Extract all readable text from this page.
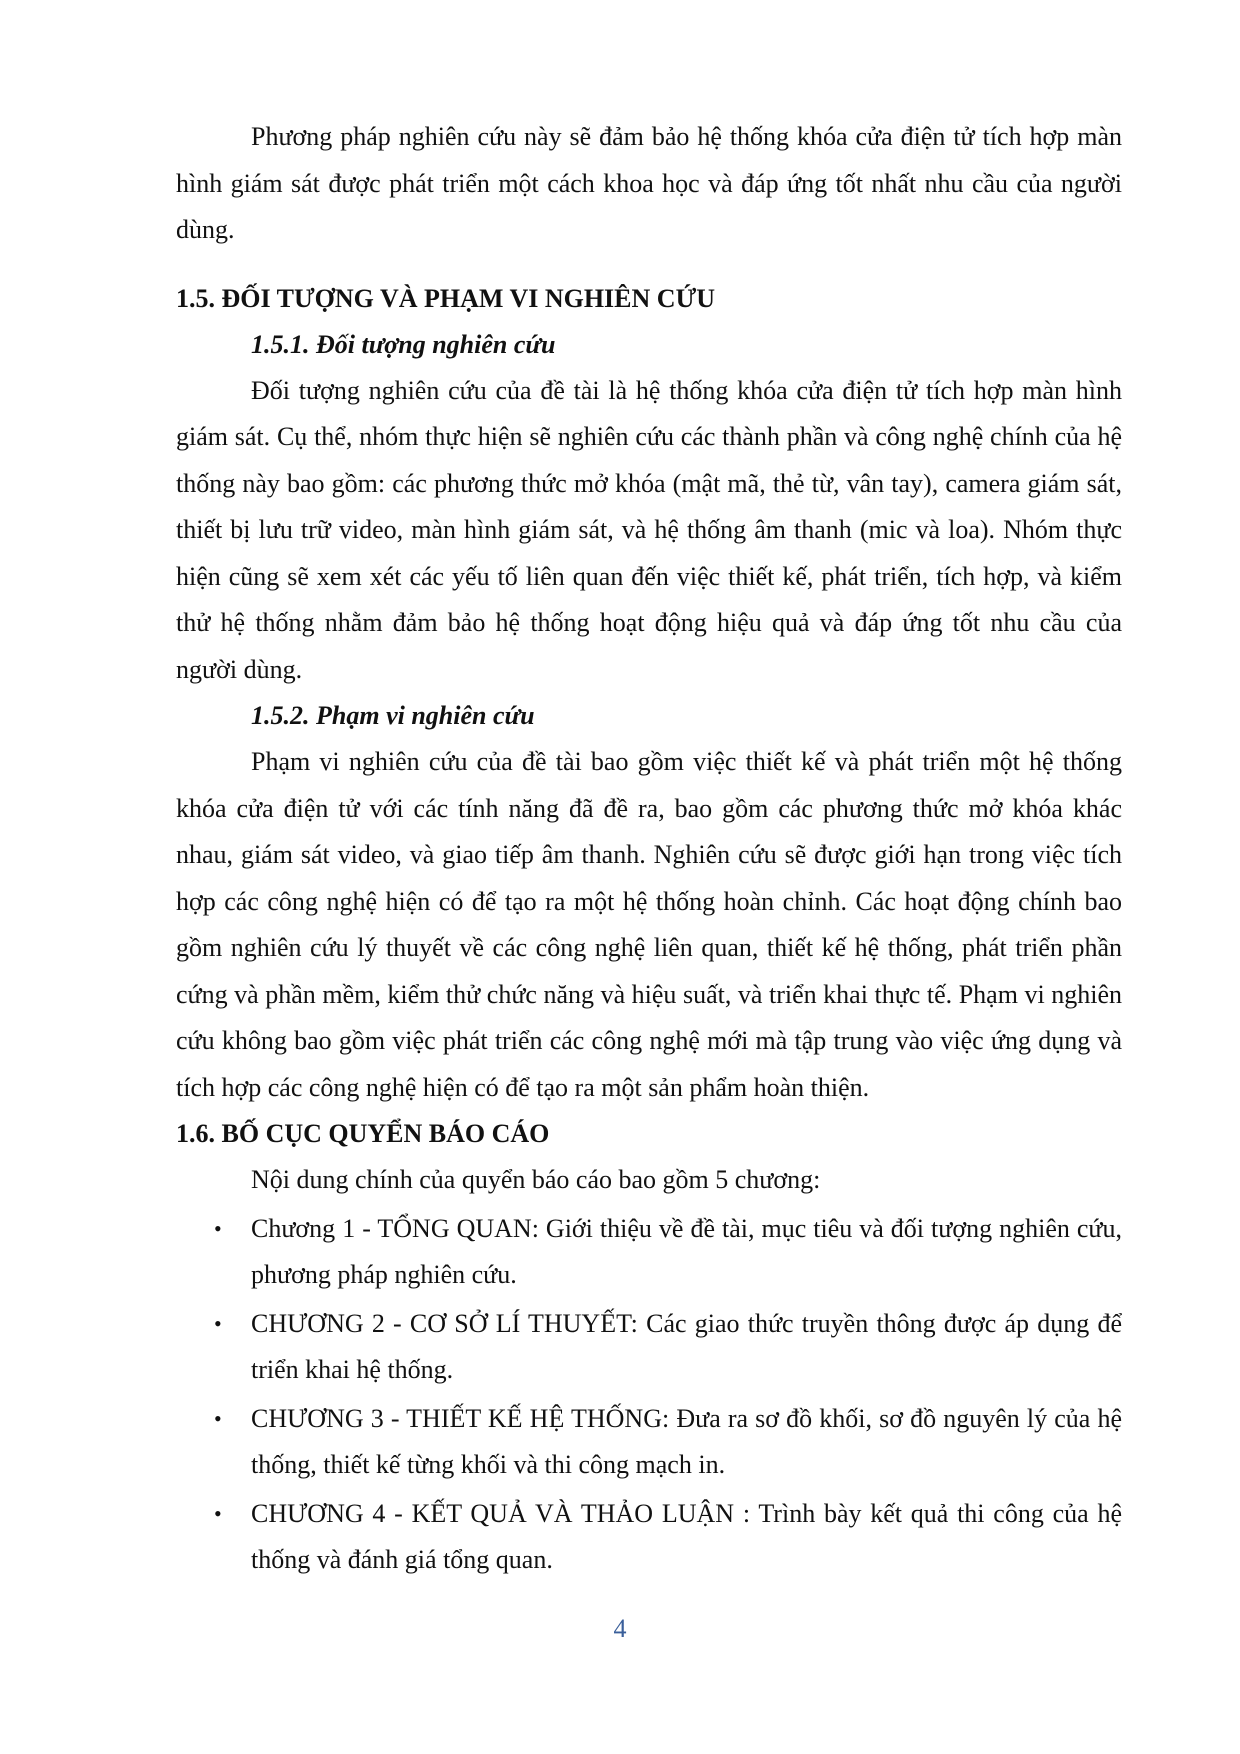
Phương pháp nghiên cứu này sẽ đảm bảo hệ thống khóa cửa điện tử tích hợp màn hình giám sát được phát triển một cách khoa học và đáp ứng tốt nhất nhu cầu của người dùng.

1.5. ĐỐI TƯỢNG VÀ PHẠM VI NGHIÊN CỨU
1.5.1. Đối tượng nghiên cứu

Đối tượng nghiên cứu của đề tài là hệ thống khóa cửa điện tử tích hợp màn hình giám sát. Cụ thể, nhóm thực hiện sẽ nghiên cứu các thành phần và công nghệ chính của hệ thống này bao gồm: các phương thức mở khóa (mật mã, thẻ từ, vân tay), camera giám sát, thiết bị lưu trữ video, màn hình giám sát, và hệ thống âm thanh (mic và loa). Nhóm thực hiện cũng sẽ xem xét các yếu tố liên quan đến việc thiết kế, phát triển, tích hợp, và kiểm thử hệ thống nhằm đảm bảo hệ thống hoạt động hiệu quả và đáp ứng tốt nhu cầu của người dùng.

1.5.2. Phạm vi nghiên cứu

Phạm vi nghiên cứu của đề tài bao gồm việc thiết kế và phát triển một hệ thống khóa cửa điện tử với các tính năng đã đề ra, bao gồm các phương thức mở khóa khác nhau, giám sát video, và giao tiếp âm thanh. Nghiên cứu sẽ được giới hạn trong việc tích hợp các công nghệ hiện có để tạo ra một hệ thống hoàn chỉnh. Các hoạt động chính bao gồm nghiên cứu lý thuyết về các công nghệ liên quan, thiết kế hệ thống, phát triển phần cứng và phần mềm, kiểm thử chức năng và hiệu suất, và triển khai thực tế. Phạm vi nghiên cứu không bao gồm việc phát triển các công nghệ mới mà tập trung vào việc ứng dụng và tích hợp các công nghệ hiện có để tạo ra một sản phẩm hoàn thiện.

1.6. BỐ CỤC QUYỂN BÁO CÁO

Nội dung chính của quyển báo cáo bao gồm 5 chương:

• Chương 1 - TỔNG QUAN: Giới thiệu về đề tài, mục tiêu và đối tượng nghiên cứu, phương pháp nghiên cứu.
• CHƯƠNG 2 - CƠ SỞ LÍ THUYẾT: Các giao thức truyền thông được áp dụng để triển khai hệ thống.
• CHƯƠNG 3 - THIẾT KẾ HỆ THỐNG: Đưa ra sơ đồ khối, sơ đồ nguyên lý của hệ thống, thiết kế từng khối và thi công mạch in.
• CHƯƠNG 4 - KẾT QUẢ VÀ THẢO LUẬN : Trình bày kết quả thi công của hệ thống và đánh giá tổng quan.
4
